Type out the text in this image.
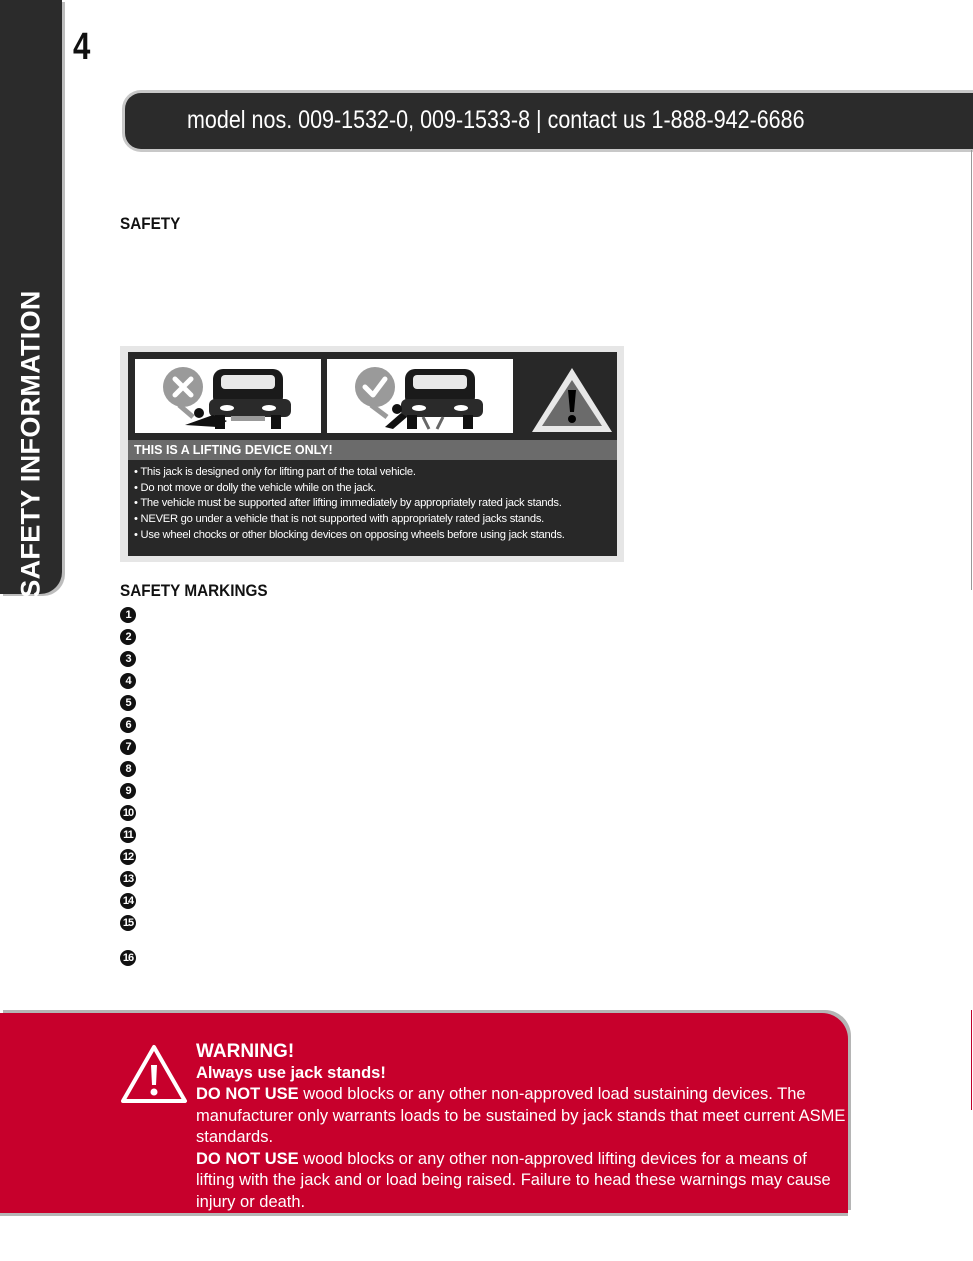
SAFETY INFORMATION
4
model nos. 009-1532-0, 009-1533-8 | contact us 1-888-942-6686
SAFETY
THIS IS A LIFTING DEVICE ONLY!
• This jack is designed only for lifting part of the total vehicle.
• Do not move or dolly the vehicle while on the jack.
• The vehicle must be supported after lifting immediately by appropriately rated jack stands.
• NEVER go under a vehicle that is not supported with appropriately rated jacks stands.
• Use wheel chocks or other blocking devices on opposing wheels before using jack stands.
SAFETY MARKINGS
1
2
3
4
5
6
7
8
9
10
11
12
13
14
15
16

WARNING!

Always use jack stands!

DO NOT USE wood blocks or any other non-approved load sustaining devices. The manufacturer only warrants loads to be sustained by jack stands that meet current ASME standards.

DO NOT USE wood blocks or any other non-approved lifting devices for a means of lifting with the jack and or load being raised. Failure to head these warnings may cause injury or death.
